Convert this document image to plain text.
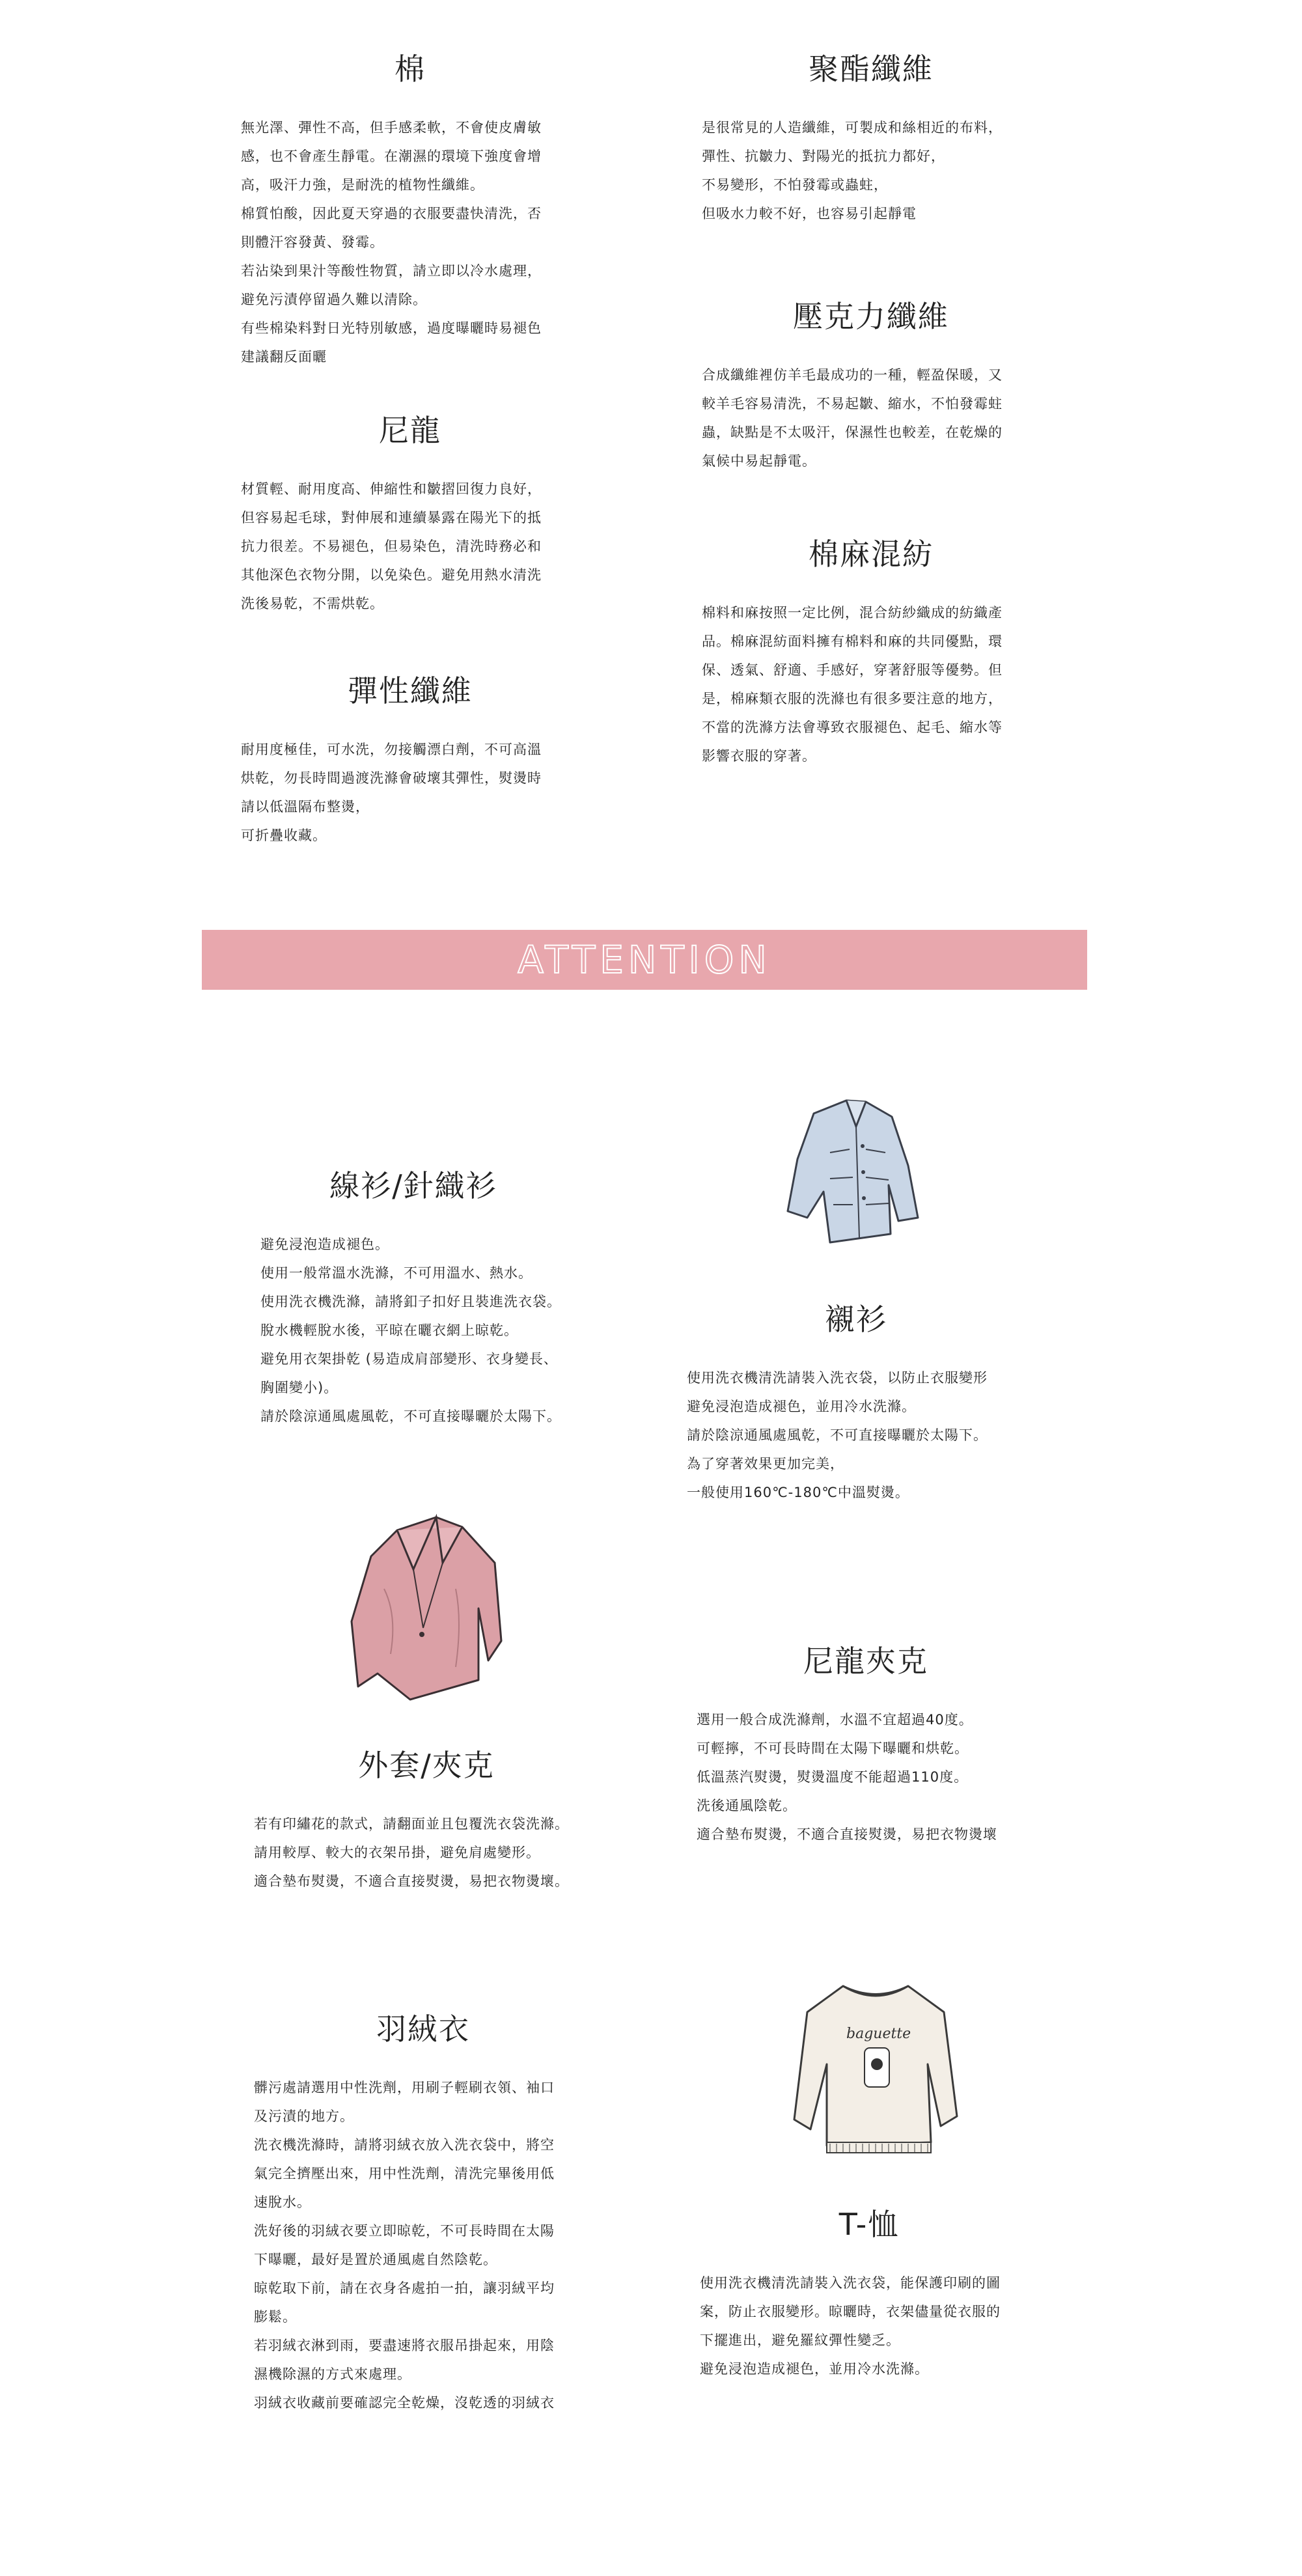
棉
無光澤、彈性不高，但手感柔軟，不會使皮膚敏
感，也不會產生靜電。在潮濕的環境下強度會增
高，吸汗力強，是耐洗的植物性纖維。
棉質怕酸，因此夏天穿過的衣服要盡快清洗，否
則體汗容發黃、發霉。
若沾染到果汁等酸性物質，請立即以冷水處理，
避免污漬停留過久難以清除。
有些棉染料對日光特別敏感，過度曝曬時易褪色
建議翻反面曬
聚酯纖維
是很常見的人造纖維，可製成和絲相近的布料，
彈性、抗皺力、對陽光的抵抗力都好，
不易變形，不怕發霉或蟲蛀，
但吸水力較不好，也容易引起靜電
壓克力纖維
合成纖維裡仿羊毛最成功的一種，輕盈保暖，又
較羊毛容易清洗，不易起皺、縮水，不怕發霉蛀
蟲，缺點是不太吸汗，保濕性也較差，在乾燥的
氣候中易起靜電。
尼龍
材質輕、耐用度高、伸縮性和皺摺回復力良好，
但容易起毛球，對伸展和連續暴露在陽光下的抵
抗力很差。不易褪色，但易染色，清洗時務必和
其他深色衣物分開，以免染色。避免用熱水清洗
洗後易乾，不需烘乾。
棉麻混紡
棉料和麻按照一定比例，混合紡紗織成的紡織產
品。棉麻混紡面料擁有棉料和麻的共同優點，環
保、透氣、舒適、手感好，穿著舒服等優勢。但
是，棉麻類衣服的洗滌也有很多要注意的地方，
不當的洗滌方法會導致衣服褪色、起毛、縮水等
影響衣服的穿著。
彈性纖維
耐用度極佳，可水洗，勿接觸漂白劑，不可高溫
烘乾，勿長時間過渡洗滌會破壞其彈性，熨燙時
請以低溫隔布整燙，
可折疊收藏。
ATTENTION
線衫/針織衫
避免浸泡造成褪色。
使用一般常溫水洗滌，不可用溫水、熱水。
使用洗衣機洗滌，請將釦子扣好且裝進洗衣袋。
脫水機輕脫水後，平晾在曬衣網上晾乾。
避免用衣架掛乾 (易造成肩部變形、衣身變長、
胸圍變小)。
請於陰涼通風處風乾，不可直接曝曬於太陽下。
襯衫
使用洗衣機清洗請裝入洗衣袋，以防止衣服變形
避免浸泡造成褪色，並用冷水洗滌。
請於陰涼通風處風乾，不可直接曝曬於太陽下。
為了穿著效果更加完美，
一般使用160℃-180℃中溫熨燙。
外套/夾克
若有印繡花的款式，請翻面並且包覆洗衣袋洗滌。
請用較厚、較大的衣架吊掛，避免肩處變形。
適合墊布熨燙，不適合直接熨燙，易把衣物燙壞。
尼龍夾克
選用一般合成洗滌劑，水溫不宜超過40度。
可輕擰，不可長時間在太陽下曝曬和烘乾。
低溫蒸汽熨燙，熨燙溫度不能超過110度。
洗後通風陰乾。
適合墊布熨燙，不適合直接熨燙，易把衣物燙壞
羽絨衣
髒污處請選用中性洗劑，用刷子輕刷衣領、袖口
及污漬的地方。
洗衣機洗滌時，請將羽絨衣放入洗衣袋中，將空
氣完全擠壓出來，用中性洗劑，清洗完畢後用低
速脫水。
洗好後的羽絨衣要立即晾乾，不可長時間在太陽
下曝曬，最好是置於通風處自然陰乾。
晾乾取下前，請在衣身各處拍一拍，讓羽絨平均
膨鬆。
若羽絨衣淋到雨，要盡速將衣服吊掛起來，用陰
濕機除濕的方式來處理。
羽絨衣收藏前要確認完全乾燥，沒乾透的羽絨衣
baguette
T-恤
使用洗衣機清洗請裝入洗衣袋，能保護印刷的圖
案，防止衣服變形。晾曬時，衣架儘量從衣服的
下擺進出，避免羅紋彈性變乏。
避免浸泡造成褪色，並用冷水洗滌。
